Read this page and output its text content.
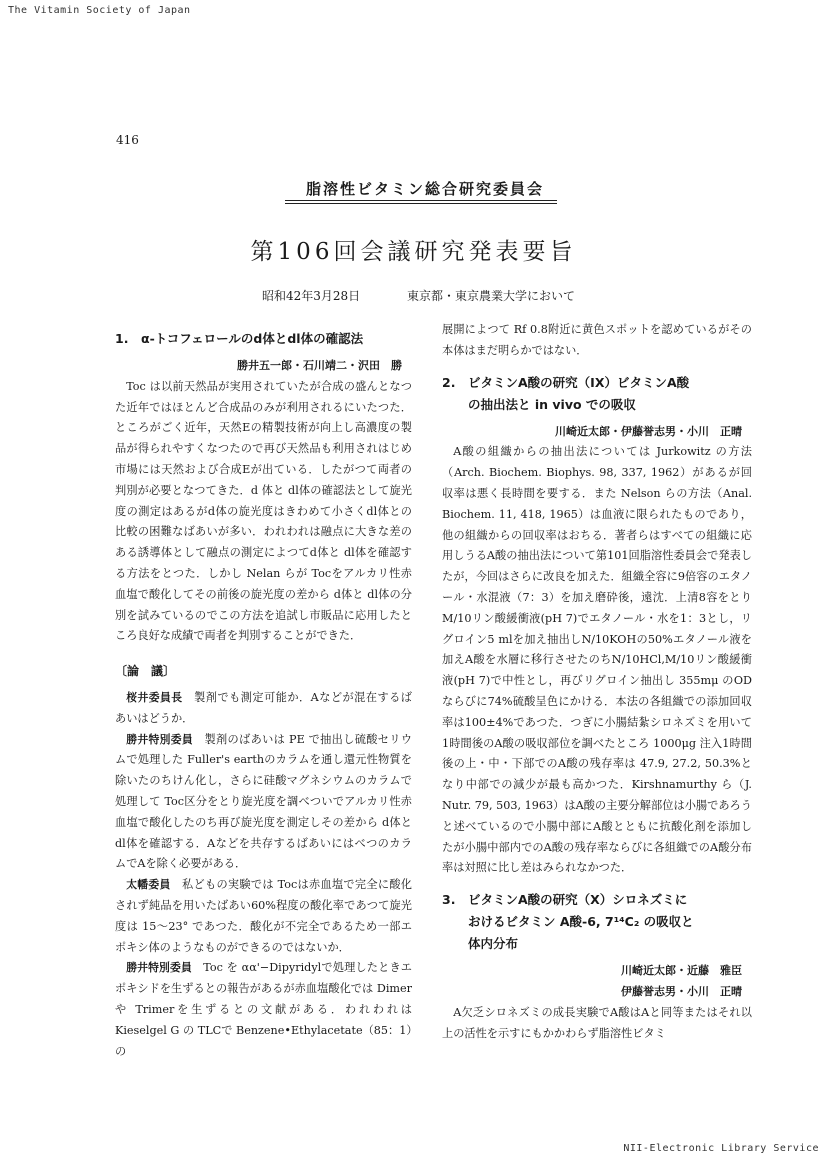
The Vitamin Society of Japan
NII-Electronic Library Service
416
脂溶性ビタミン総合研究委員会
第106回会議研究発表要旨
昭和42年3月28日	東京都・東京農業大学において
1. α-トコフェロールのd体とdl体の確認法
勝井五一郎・石川靖二・沢田　勝

Toc は以前天然品が実用されていたが合成の盛んとなつた近年ではほとんど合成品のみが利用されるにいたつた．ところがごく近年，天然Eの精製技術が向上し高濃度の製品が得られやすくなつたので再び天然品も利用されはじめ市場には天然および合成Eが出ている．したがつて両者の判別が必要となつてきた．d 体と dl体の確認法として旋光度の測定はあるがd体の旋光度はきわめて小さくdl体との比較の困難なばあいが多い．われわれは融点に大きな差のある誘導体として融点の測定によつてd体と dl体を確認する方法をとつた．しかし Nelan らが Tocをアルカリ性赤血塩で酸化してその前後の旋光度の差から d体と dl体の分別を試みているのでこの方法を追試し市販品に応用したところ良好な成績で両者を判別することができた．

〔論　議〕

桜井委員長　 製剤でも測定可能か．Aなどが混在するばあいはどうか．

勝井特別委員　 製剤のばあいは PE で抽出し硫酸セリウムで処理した Fuller's earthのカラムを通し還元性物質を除いたのちけん化し，さらに硅酸マグネシウムのカラムで処理して Toc区分をとり旋光度を調べついでアルカリ性赤血塩で酸化したのち再び旋光度を測定しその差から d体と dl体を確認する．Aなどを共存するばあいにはべつのカラムでAを除く必要がある．

太幡委員　 私どもの実験では Tocは赤血塩で完全に酸化されず純品を用いたばあい60%程度の酸化率であつて旋光度は 15〜23° であつた．酸化が不完全であるため一部エポキシ体のようなものができるのではないか．

勝井特別委員　 Toc を αα'−Dipyridylで処理したときエポキシドを生ずるとの報告があるが赤血塩酸化では Dimerや Trimerを生ずるとの文献がある．われわれは Kieselgel G の TLCで Benzene•Ethylacetate（85：1）の

展開によつて Rf 0.8附近に黄色スポットを認めているがその本体はまだ明らかではない．

2. ビタミンA酸の研究（IX）ビタミンA酸
の抽出法と in vivo での吸収
川崎近太郎・伊藤誉志男・小川　正晴

A酸の組織からの抽出法については Jurkowitz の方法（Arch. Biochem. Biophys. 98, 337, 1962）があるが回収率は悪く長時間を要する．また Nelson らの方法（Anal. Biochem. 11, 418, 1965）は血液に限られたものであり，他の組織からの回収率はおちる．著者らはすべての組織に応用しうるA酸の抽出法について第101回脂溶性委員会で発表したが，今回はさらに改良を加えた．組織全容に9倍容のエタノール・水混液（7：3）を加え磨砕後，遠沈．上清8容をとり M/10リン酸緩衝液(pH 7)でエタノール・水を1：3とし，リグロイン5 mlを加え抽出しN/10KOHの50%エタノール液を加えA酸を水層に移行させたのちN/10HCl,M/10リン酸緩衝液(pH 7)で中性とし，再びリグロイン抽出し 355mμ のODならびに74%硫酸呈色にかける．本法の各組織での添加回収率は100±4%であつた．つぎに小腸結紮シロネズミを用いて1時間後のA酸の吸収部位を調べたところ 1000μg 注入1時間後の上・中・下部でのA酸の残存率は 47.9, 27.2, 50.3%となり中部での減少が最も高かつた．Kirshnamurthy ら（J. Nutr. 79, 503, 1963）はA酸の主要分解部位は小腸であろうと述べているので小腸中部にA酸とともに抗酸化剤を添加したが小腸中部内でのA酸の残存率ならびに各組織でのA酸分布率は対照に比し差はみられなかつた．

3. ビタミンA酸の研究（X）シロネズミに
おけるビタミン A酸-6, 7¹⁴C₂ の吸収と
体内分布
川崎近太郎・近藤　雅臣
伊藤誉志男・小川　正晴

A欠乏シロネズミの成長実験でA酸はAと同等またはそれ以上の活性を示すにもかかわらず脂溶性ビタミ
